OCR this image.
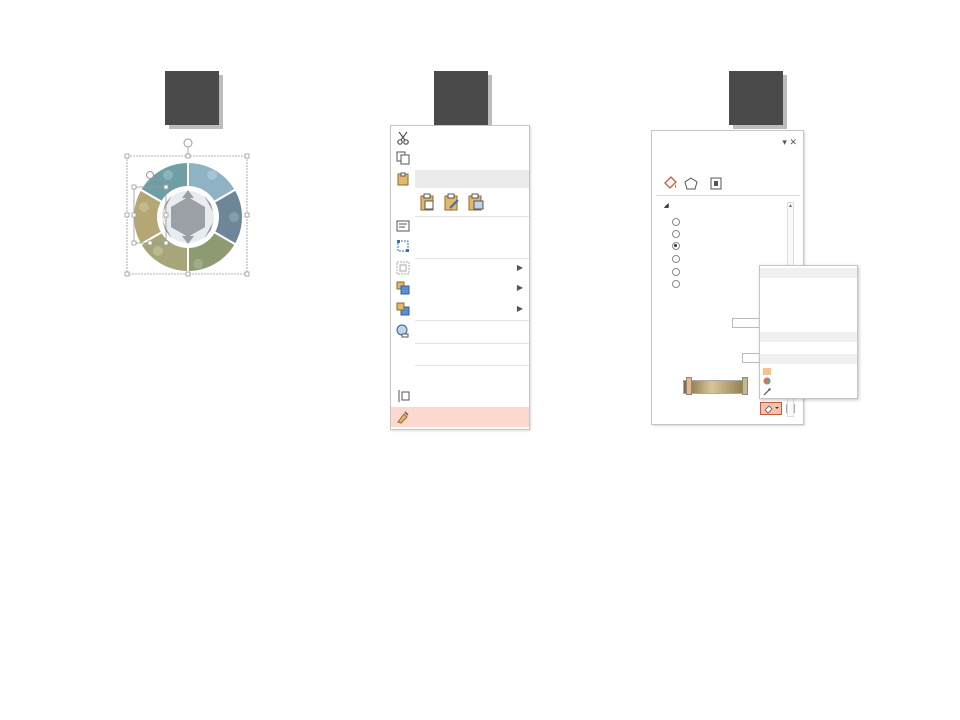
▶
▶
▶
▾ ✕
◢	▲
